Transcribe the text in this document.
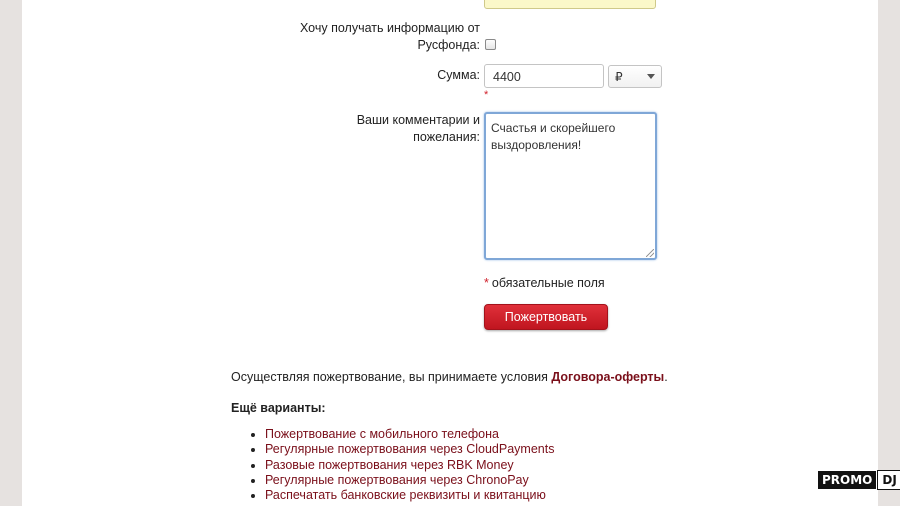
Хочу получать информацию от
Русфонда:
Сумма:	4400	₽
*
Ваши комментарии и
пожелания:
Счастья и скорейшего выздоровления!
* обязательные поля
Пожертвовать
Осуществляя пожертвование, вы принимаете условия Договора-оферты.
Ещё варианты:
• Пожертвование с мобильного телефона
• Регулярные пожертвования через CloudPayments
• Разовые пожертвования через RBK Money
• Регулярные пожертвования через ChronoPay
• Распечатать банковские реквизиты и квитанцию
PROMO DJ
